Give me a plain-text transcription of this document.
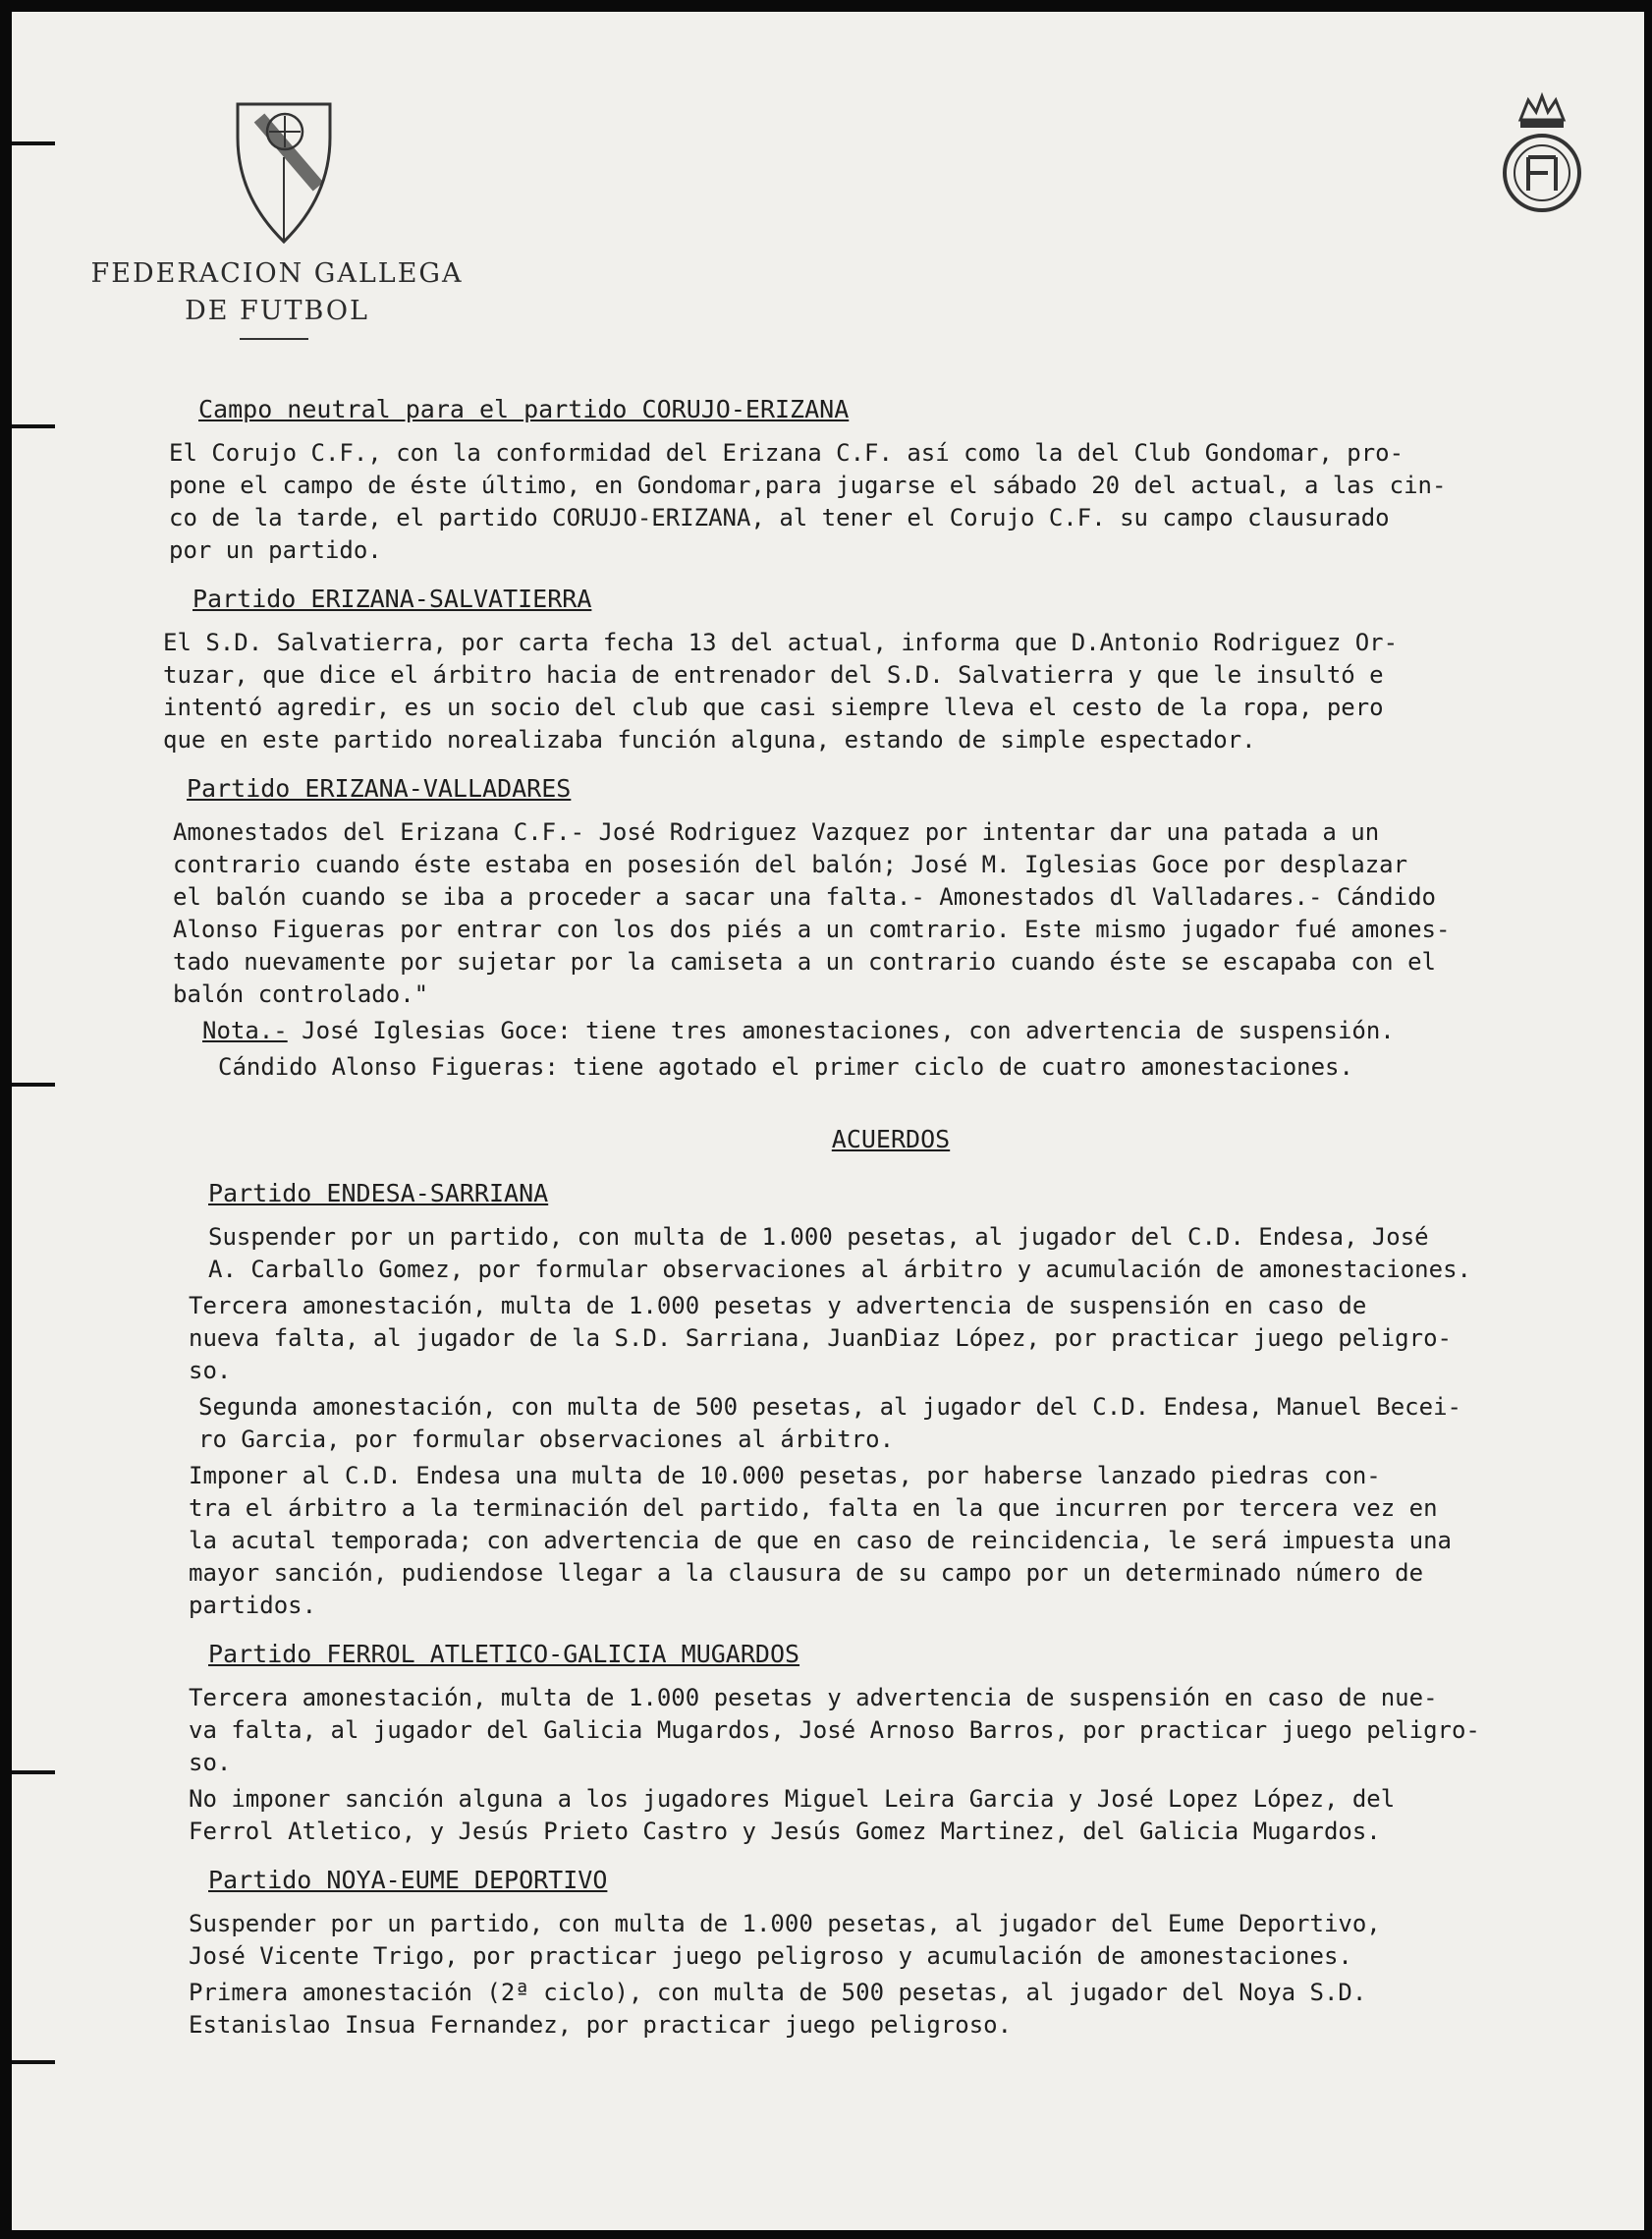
FEDERACION GALLEGA
DE FUTBOL
Campo neutral para el partido CORUJO-ERIZANA
El Corujo C.F., con la conformidad del Erizana C.F. así como la del Club Gondomar, pro-
pone el campo de éste último, en Gondomar,para jugarse el sábado 20 del actual, a las cin-
co de la tarde, el partido CORUJO-ERIZANA, al tener el Corujo C.F. su campo clausurado
por un partido.
Partido ERIZANA-SALVATIERRA
El S.D. Salvatierra, por carta fecha 13 del actual, informa que D.Antonio Rodriguez Or-
tuzar, que dice el árbitro hacia de entrenador del S.D. Salvatierra y que le insultó e
intentó agredir, es un socio del club que casi siempre lleva el cesto de la ropa, pero
que en este partido norealizaba función alguna, estando de simple espectador.
Partido ERIZANA-VALLADARES
Amonestados del Erizana C.F.- José Rodriguez Vazquez por intentar dar una patada a un
contrario cuando éste estaba en posesión del balón; José M. Iglesias Goce por desplazar
el balón cuando se iba a proceder a sacar una falta.- Amonestados dl Valladares.- Cándido
Alonso Figueras por entrar con los dos piés a un comtrario. Este mismo jugador fué amones-
tado nuevamente por sujetar por la camiseta a un contrario cuando éste se escapaba con el
balón controlado."
Nota.- José Iglesias Goce: tiene tres amonestaciones, con advertencia de suspensión.
Cándido Alonso Figueras: tiene agotado el primer ciclo de cuatro amonestaciones.
ACUERDOS
Partido ENDESA-SARRIANA
Suspender por un partido, con multa de 1.000 pesetas, al jugador del C.D. Endesa, José
A. Carballo Gomez, por formular observaciones al árbitro y acumulación de amonestaciones.
Tercera amonestación, multa de 1.000 pesetas y advertencia de suspensión en caso de
nueva falta, al jugador de la S.D. Sarriana, JuanDiaz López, por practicar juego peligro-
so.
Segunda amonestación, con multa de 500 pesetas, al jugador del C.D. Endesa, Manuel Becei-
ro Garcia, por formular observaciones al árbitro.
Imponer al C.D. Endesa una multa de 10.000 pesetas, por haberse lanzado piedras con-
tra el árbitro a la terminación del partido, falta en la que incurren por tercera vez en
la acutal temporada; con advertencia de que en caso de reincidencia, le será impuesta una
mayor sanción, pudiendose llegar a la clausura de su campo por un determinado número de
partidos.
Partido FERROL ATLETICO-GALICIA MUGARDOS
Tercera amonestación, multa de 1.000 pesetas y advertencia de suspensión en caso de nue-
va falta, al jugador del Galicia Mugardos, José Arnoso Barros, por practicar juego peligro-
so.
No imponer sanción alguna a los jugadores Miguel Leira Garcia y José Lopez López, del
Ferrol Atletico, y Jesús Prieto Castro y Jesús Gomez Martinez, del Galicia Mugardos.
Partido NOYA-EUME DEPORTIVO
Suspender por un partido, con multa de 1.000 pesetas, al jugador del Eume Deportivo,
José Vicente Trigo, por practicar juego peligroso y acumulación de amonestaciones.
Primera amonestación (2ª ciclo), con multa de 500 pesetas, al jugador del Noya S.D.
Estanislao Insua Fernandez, por practicar juego peligroso.
